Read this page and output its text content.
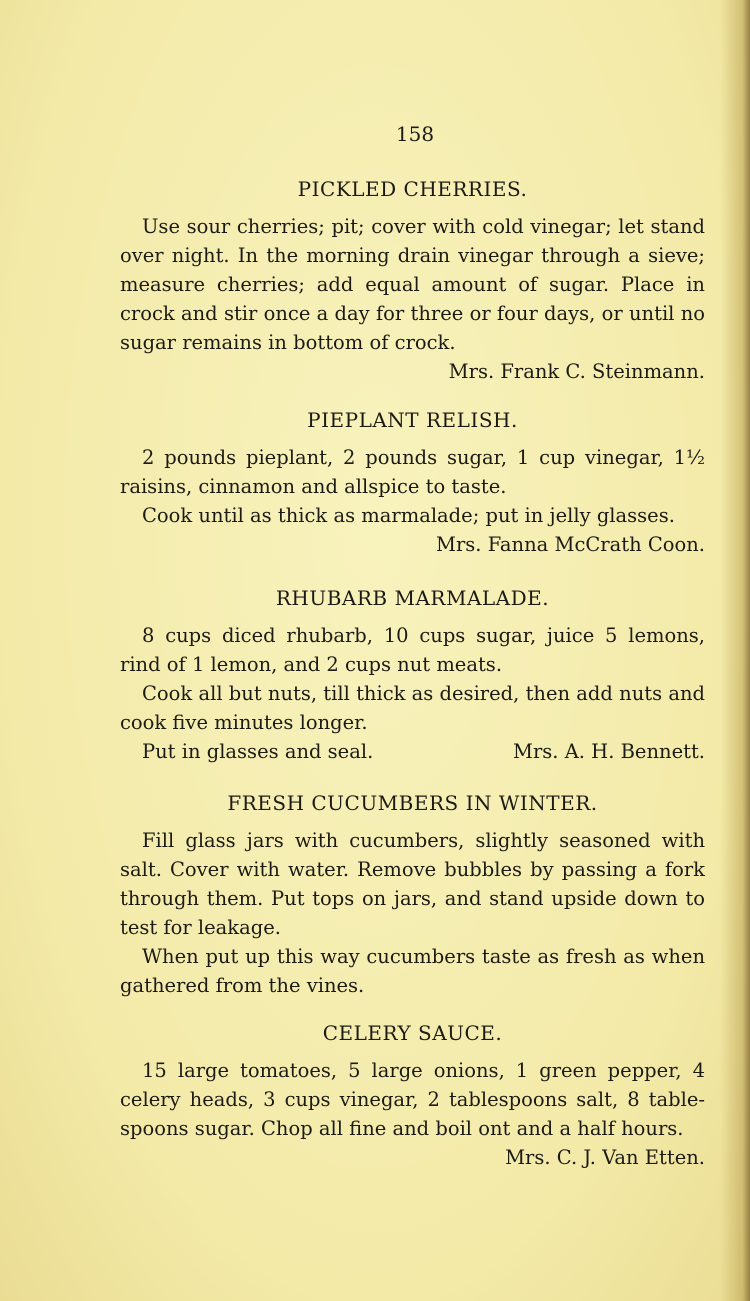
158
PICKLED CHERRIES.

Use sour cherries; pit; cover with cold vinegar; let stand over night. In the morning drain vinegar through a sieve; measure cherries; add equal amount of sugar. Place in crock and stir once a day for three or four days, or until no sugar remains in bottom of crock.

Mrs. Frank C. Steinmann.

PIEPLANT RELISH.

2 pounds pieplant, 2 pounds sugar, 1 cup vinegar, 1½ raisins, cinnamon and allspice to taste.

Cook until as thick as marmalade; put in jelly glasses.

Mrs. Fanna McCrath Coon.

RHUBARB MARMALADE.

8 cups diced rhubarb, 10 cups sugar, juice 5 lemons, rind of 1 lemon, and 2 cups nut meats.

Cook all but nuts, till thick as desired, then add nuts and cook five minutes longer.

Put in glasses and seal.	Mrs. A. H. Bennett.
FRESH CUCUMBERS IN WINTER.

Fill glass jars with cucumbers, slightly seasoned with salt. Cover with water. Remove bubbles by passing a fork through them. Put tops on jars, and stand upside down to test for leakage.

When put up this way cucumbers taste as fresh as when gathered from the vines.

CELERY SAUCE.

15 large tomatoes, 5 large onions, 1 green pepper, 4 celery heads, 3 cups vinegar, 2 tablespoons salt, 8 table-spoons sugar. Chop all fine and boil ont and a half hours.

Mrs. C. J. Van Etten.
